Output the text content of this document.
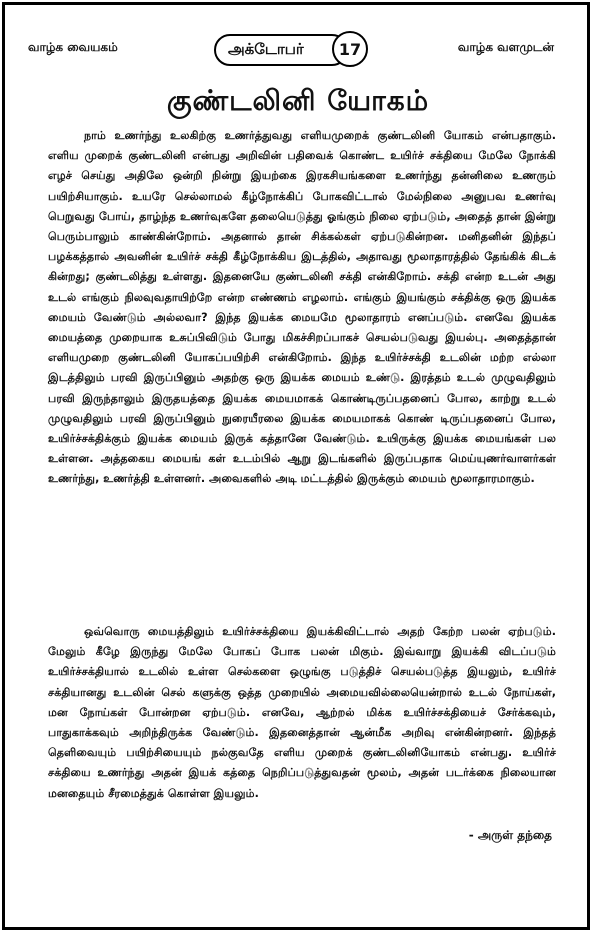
வாழ்க வையகம்	அக்டோபர்	17	வாழ்க வளமுடன்
குண்டலினி யோகம்
நாம் உணர்ந்து உலகிற்கு உணர்த்துவது எளியமுறைக் குண்டலினி யோகம் என்பதாகும். எளிய முறைக் குண்டலினி என்பது அறிவின் பதிவைக் கொண்ட உயிர்ச் சக்தியை மேலே நோக்கி எழச் செய்து அதிலே ஒன்றி நின்று இயற்கை இரகசியங்களை உணர்ந்து தன்னிலை உணரும் பயிற்சியாகும். உயரே செல்லாமல் கீழ்நோக்கிப் போகவிட்டால் மேல்நிலை அனுபவ உணர்வு பெறுவது போய், தாழ்ந்த உணர்வுகளே தலையெடுத்து ஓங்கும் நிலை ஏற்படும், அதைத் தான் இன்று பெரும்பாலும் காண்கின்றோம். அதனால் தான் சிக்கல்கள் ஏற்படுகின்றன. மனிதனின் இந்தப் பழக்கத்தால் அவனின் உயிர்ச் சக்தி கீழ்நோக்கிய இடத்தில், அதாவது மூலாதாரத்தில் தேங்கிக் கிடக் கின்றது; குண்டலித்து உள்ளது. இதனையே குண்டலினி சக்தி என்கிறோம். சக்தி என்ற உடன் அது உடல் எங்கும் நிலவுவதாயிற்றே என்ற எண்ணம் எழலாம். எங்கும் இயங்கும் சக்திக்கு ஒரு இயக்க மையம் வேண்டும் அல்லவா? இந்த இயக்க மையமே மூலாதாரம் எனப்படும். எனவே இயக்க மையத்தை முறையாக உசுப்பிவிடும் போது மிகச்சிறப்பாகச் செயல்படுவது இயல்பு. அதைத்தான் எளியமுறை குண்டலினி யோகப்பயிற்சி என்கிறோம். இந்த உயிர்ச்சக்தி உடலின் மற்ற எல்லா இடத்திலும் பரவி இருப்பினும் அதற்கு ஒரு இயக்க மையம் உண்டு. இரத்தம் உடல் முழுவதிலும் பரவி இருந்தாலும் இருதயத்தை இயக்க மையமாகக் கொண்டிருப்பதனைப் போல, காற்று உடல் முழுவதிலும் பரவி இருப்பினும் நுரையீரலை இயக்க மையமாகக் கொண் டிருப்பதனைப் போல, உயிர்ச்சக்திக்கும் இயக்க மையம் இருக் கத்தானே வேண்டும். உயிருக்கு இயக்க மையங்கள் பல உள்ளன. அத்தகைய மையங் கள் உடம்பில் ஆறு இடங்களில் இருப்பதாக மெய்யுணர்வாளர்கள் உணர்ந்து, உணர்த்தி உள்ளனர். அவைகளில் அடி மட்டத்தில் இருக்கும் மையம் மூலாதாரமாகும்.
ஒவ்வொரு மையத்திலும் உயிர்ச்சக்தியை இயக்கிவிட்டால் அதற் கேற்ற பலன் ஏற்படும். மேலும் கீழே இருந்து மேலே போகப் போக பலன் மிகும். இவ்வாறு இயக்கி விடப்படும் உயிர்ச்சக்தியால் உடலில் உள்ள செல்களை ஒழுங்கு படுத்திச் செயல்படுத்த இயலும், உயிர்ச் சக்தியானது உடலின் செல் களுக்கு ஒத்த முறையில் அமையவில்லையென்றால் உடல் நோய்கள், மன நோய்கள் போன்றன ஏற்படும். எனவே, ஆற்றல் மிக்க உயிர்ச்சக்தியைச் சேர்க்கவும், பாதுகாக்கவும் அறிந்திருக்க வேண்டும். இதனைத்தான் ஆன்மீக அறிவு என்கின்றனர். இந்தத் தெளிவையும் பயிற்சியையும் நல்குவதே எளிய முறைக் குண்டலினியோகம் என்பது. உயிர்ச் சக்தியை உணர்ந்து அதன் இயக் கத்தை நெறிப்படுத்துவதன் மூலம், அதன் படர்க்கை நிலையான மனதையும் சீரமைத்துக் கொள்ள இயலும்.
- அருள் தந்தை
